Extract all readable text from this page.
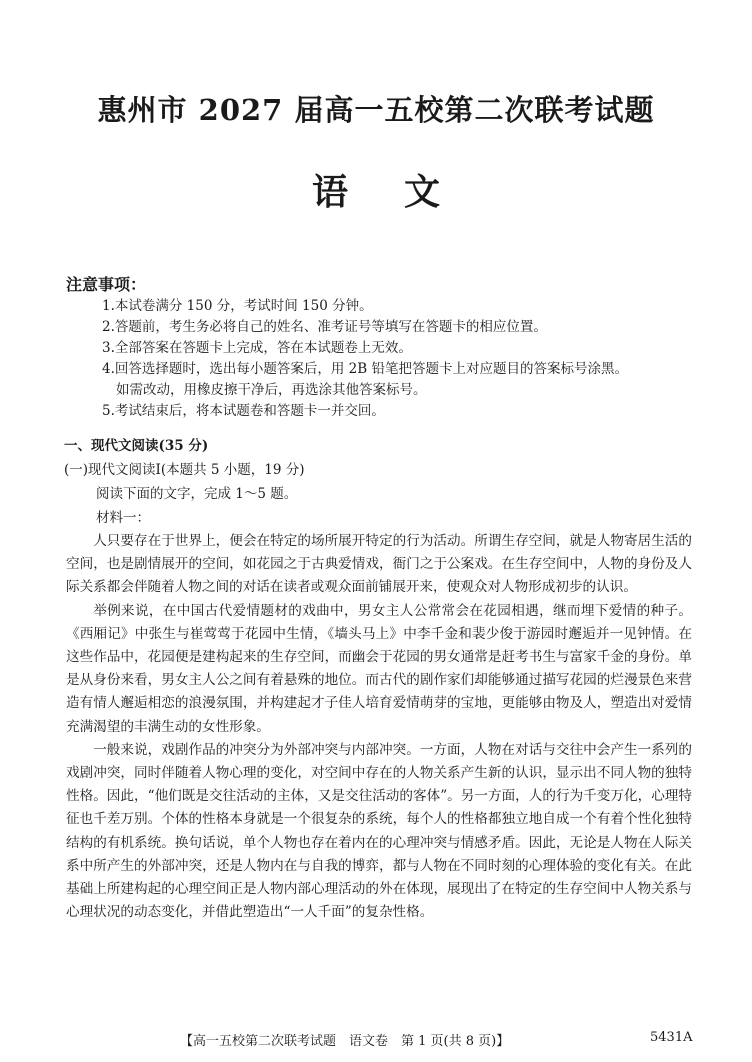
惠州市 2027 届高一五校第二次联考试题
语文
注意事项：
1.本试卷满分 150 分，考试时间 150 分钟。
2.答题前，考生务必将自己的姓名、准考证号等填写在答题卡的相应位置。
3.全部答案在答题卡上完成，答在本试题卷上无效。
4.回答选择题时，选出每小题答案后，用 2B 铅笔把答题卡上对应题目的答案标号涂黑。
如需改动，用橡皮擦干净后，再选涂其他答案标号。
5.考试结束后，将本试题卷和答题卡一并交回。
一、现代文阅读(35 分)
(一)现代文阅读Ⅰ(本题共 5 小题，19 分)
阅读下面的文字，完成 1～5 题。
材料一：

人只要存在于世界上，便会在特定的场所展开特定的行为活动。所谓生存空间，就是人物寄居生活的空间，也是剧情展开的空间，如花园之于古典爱情戏，衙门之于公案戏。在生存空间中，人物的身份及人际关系都会伴随着人物之间的对话在读者或观众面前铺展开来，使观众对人物形成初步的认识。

举例来说，在中国古代爱情题材的戏曲中，男女主人公常常会在花园相遇，继而埋下爱情的种子。《西厢记》中张生与崔莺莺于花园中生情，《墙头马上》中李千金和裴少俊于游园时邂逅并一见钟情。在这些作品中，花园便是建构起来的生存空间，而幽会于花园的男女通常是赶考书生与富家千金的身份。单是从身份来看，男女主人公之间有着悬殊的地位。而古代的剧作家们却能够通过描写花园的烂漫景色来营造有情人邂逅相恋的浪漫氛围，并构建起才子佳人培育爱情萌芽的宝地，更能够由物及人，塑造出对爱情充满渴望的丰满生动的女性形象。

一般来说，戏剧作品的冲突分为外部冲突与内部冲突。一方面，人物在对话与交往中会产生一系列的戏剧冲突，同时伴随着人物心理的变化，对空间中存在的人物关系产生新的认识，显示出不同人物的独特性格。因此，“他们既是交往活动的主体，又是交往活动的客体”。另一方面，人的行为千变万化，心理特征也千差万别。个体的性格本身就是一个很复杂的系统，每个人的性格都独立地自成一个有着个性化独特结构的有机系统。换句话说，单个人物也存在着内在的心理冲突与情感矛盾。因此，无论是人物在人际关系中所产生的外部冲突，还是人物内在与自我的博弈，都与人物在不同时刻的心理体验的变化有关。在此基础上所建构起的心理空间正是人物内部心理活动的外在体现，展现出了在特定的生存空间中人物关系与心理状况的动态变化，并借此塑造出“一人千面”的复杂性格。

【高一五校第二次联考试题　语文卷　第 1 页(共 8 页)】	5431A
